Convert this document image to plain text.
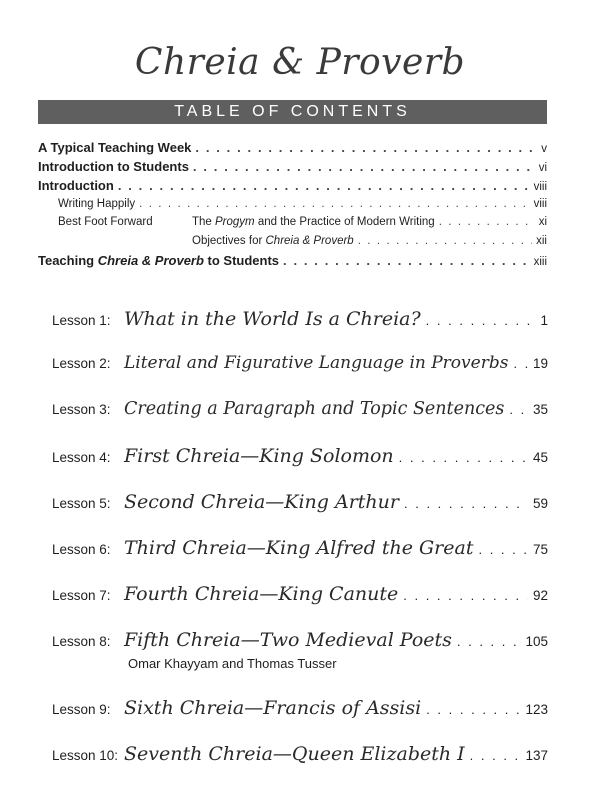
Chreia & Proverb
TABLE OF CONTENTS
A Typical Teaching Week . . .	v
Introduction to Students . . .	vi
Introduction . . .	viii
Writing Happily . . .	viii
Best Foot Forward	The Progym and the Practice of Modern Writing . . .	xi
Objectives for Chreia & Proverb . . .	xii
Teaching Chreia & Proverb to Students . . .	xiii
Lesson 1: What in the World Is a Chreia? . . .	1
Lesson 2: Literal and Figurative Language in Proverbs . . . 19
Lesson 3: Creating a Paragraph and Topic Sentences . . . 35
Lesson 4: First Chreia—King Solomon . . .	45
Lesson 5: Second Chreia—King Arthur . . .	59
Lesson 6: Third Chreia—King Alfred the Great . . .	75
Lesson 7: Fourth Chreia—King Canute . . .	92
Lesson 8: Fifth Chreia—Two Medieval Poets . . .	105
Omar Khayyam and Thomas Tusser
Lesson 9: Sixth Chreia—Francis of Assisi . . .	123
Lesson 10: Seventh Chreia—Queen Elizabeth I . . .	137
